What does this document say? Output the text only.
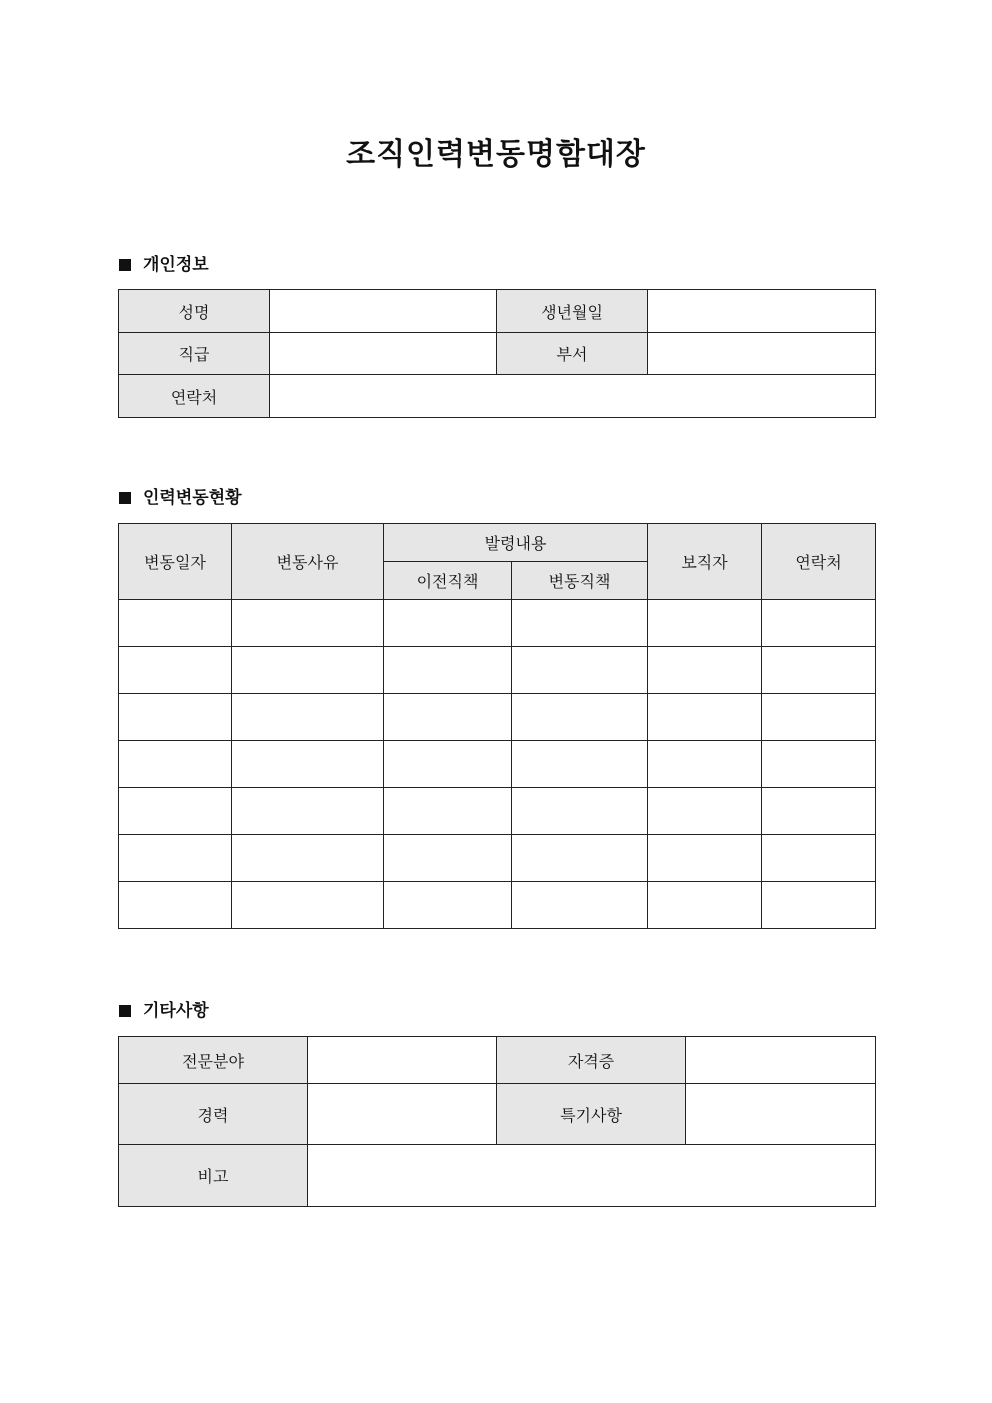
조직인력변동명함대장
개인정보
성명		생년월일	
직급		부서	
연락처			
인력변동현황
변동일자	변동사유	발령내용		보직자	연락처
		이전직책	변동직책		

기타사항
전문분야		자격증	
경력		특기사항	
비고			
